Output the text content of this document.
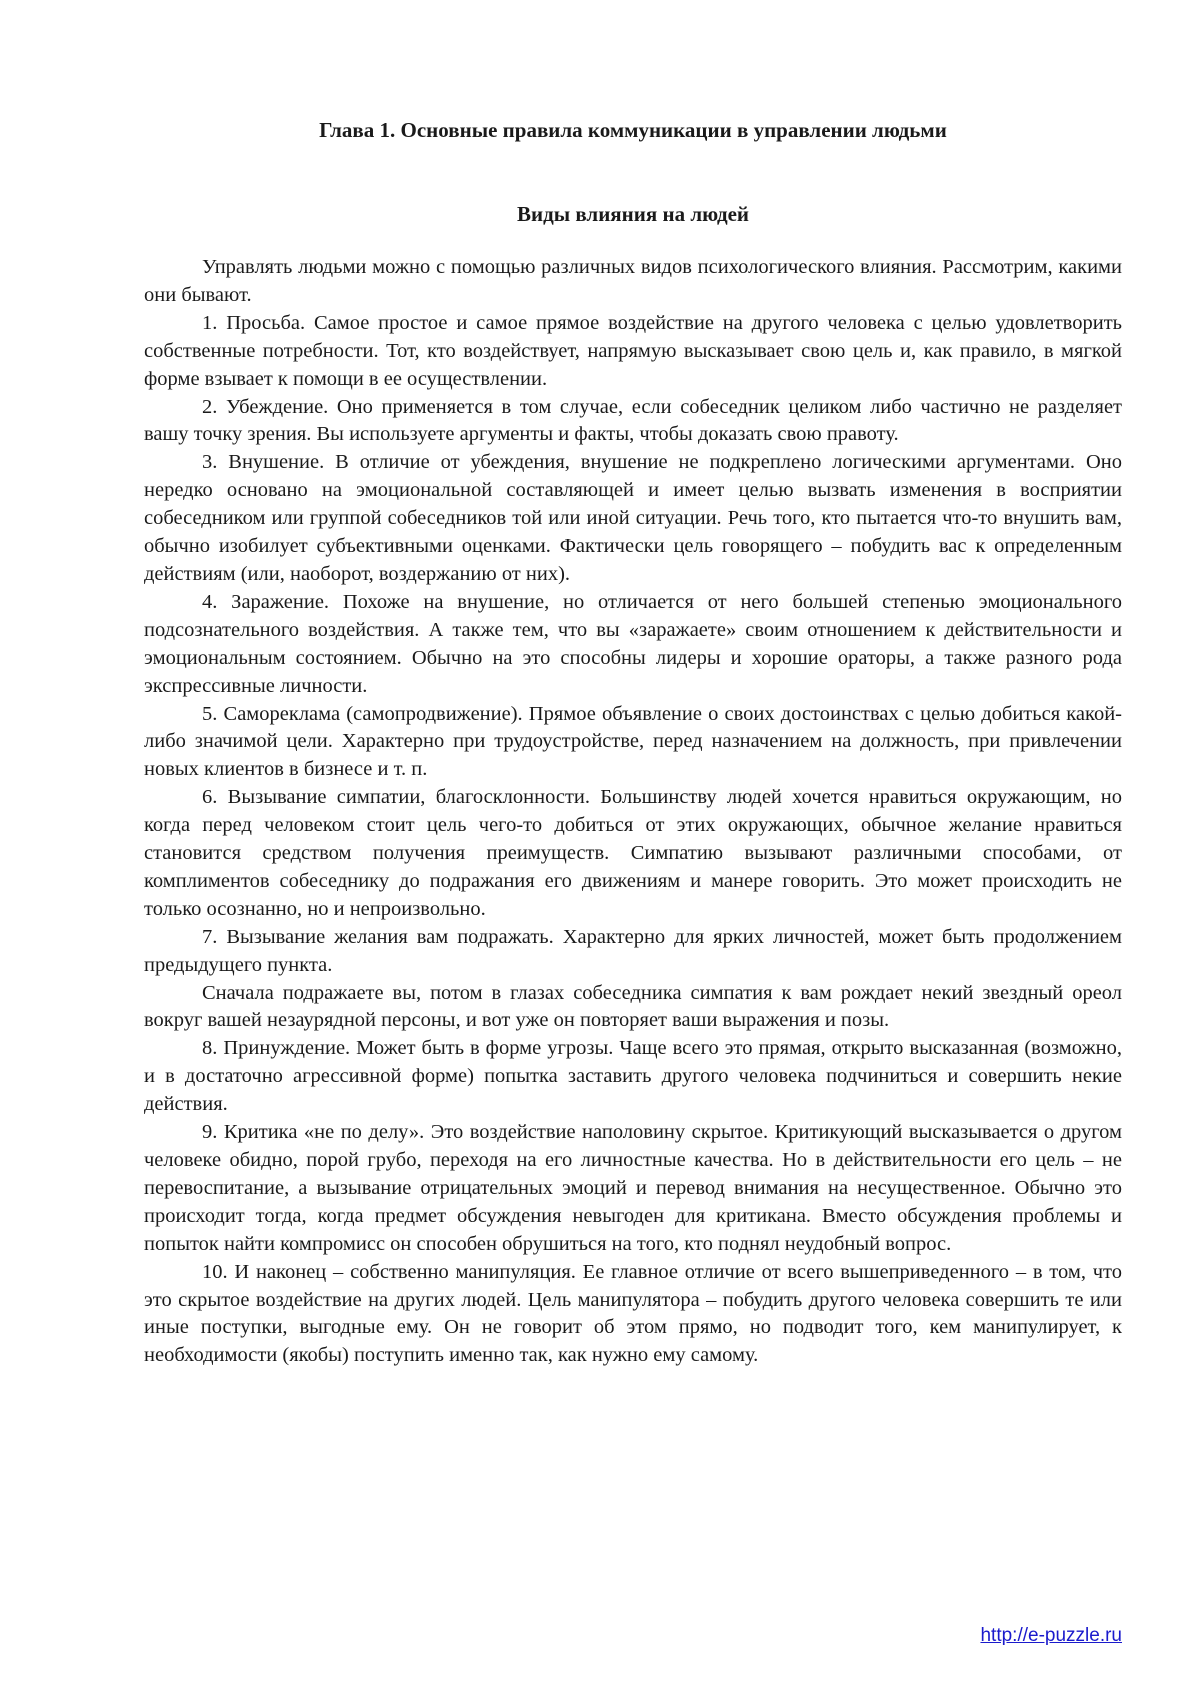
Глава 1. Основные правила коммуникации в управлении людьми
Виды влияния на людей

Управлять людьми можно с помощью различных видов психологического влияния. Рассмотрим, какими они бывают.

1. Просьба. Самое простое и самое прямое воздействие на другого человека с целью удовлетворить собственные потребности. Тот, кто воздействует, напрямую высказывает свою цель и, как правило, в мягкой форме взывает к помощи в ее осуществлении.

2. Убеждение. Оно применяется в том случае, если собеседник целиком либо частично не разделяет вашу точку зрения. Вы используете аргументы и факты, чтобы доказать свою правоту.

3. Внушение. В отличие от убеждения, внушение не подкреплено логическими аргументами. Оно нередко основано на эмоциональной составляющей и имеет целью вызвать изменения в восприятии собеседником или группой собеседников той или иной ситуации. Речь того, кто пытается что-то внушить вам, обычно изобилует субъективными оценками. Фактически цель говорящего – побудить вас к определенным действиям (или, наоборот, воздержанию от них).

4. Заражение. Похоже на внушение, но отличается от него большей степенью эмоционального подсознательного воздействия. А также тем, что вы «заражаете» своим отношением к действительности и эмоциональным состоянием. Обычно на это способны лидеры и хорошие ораторы, а также разного рода экспрессивные личности.

5. Самореклама (самопродвижение). Прямое объявление о своих достоинствах с целью добиться какой-либо значимой цели. Характерно при трудоустройстве, перед назначением на должность, при привлечении новых клиентов в бизнесе и т. п.

6. Вызывание симпатии, благосклонности. Большинству людей хочется нравиться окружающим, но когда перед человеком стоит цель чего-то добиться от этих окружающих, обычное желание нравиться становится средством получения преимуществ. Симпатию вызывают различными способами, от комплиментов собеседнику до подражания его движениям и манере говорить. Это может происходить не только осознанно, но и непроизвольно.

7. Вызывание желания вам подражать. Характерно для ярких личностей, может быть продолжением предыдущего пункта.

Сначала подражаете вы, потом в глазах собеседника симпатия к вам рождает некий звездный ореол вокруг вашей незаурядной персоны, и вот уже он повторяет ваши выражения и позы.

8. Принуждение. Может быть в форме угрозы. Чаще всего это прямая, открыто высказанная (возможно, и в достаточно агрессивной форме) попытка заставить другого человека подчиниться и совершить некие действия.

9. Критика «не по делу». Это воздействие наполовину скрытое. Критикующий высказывается о другом человеке обидно, порой грубо, переходя на его личностные качества. Но в действительности его цель – не перевоспитание, а вызывание отрицательных эмоций и перевод внимания на несущественное. Обычно это происходит тогда, когда предмет обсуждения невыгоден для критикана. Вместо обсуждения проблемы и попыток найти компромисс он способен обрушиться на того, кто поднял неудобный вопрос.

10. И наконец – собственно манипуляция. Ее главное отличие от всего вышеприведенного – в том, что это скрытое воздействие на других людей. Цель манипулятора – побудить другого человека совершить те или иные поступки, выгодные ему. Он не говорит об этом прямо, но подводит того, кем манипулирует, к необходимости (якобы) поступить именно так, как нужно ему самому.

http://e-puzzle.ru
